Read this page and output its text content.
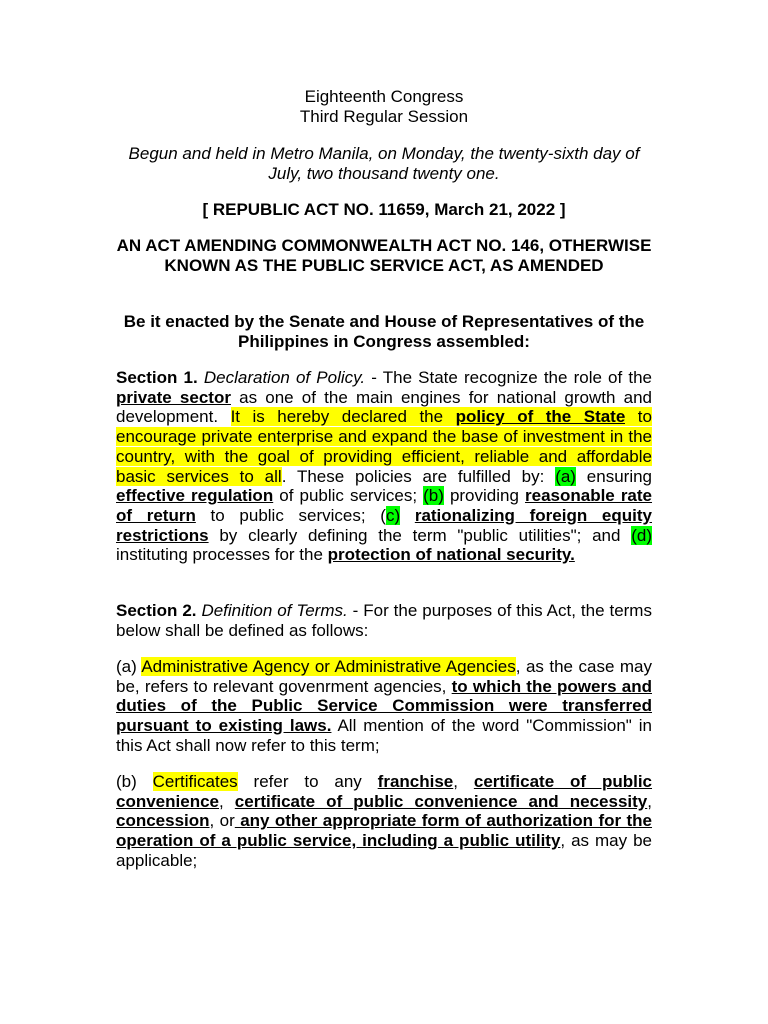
Eighteenth Congress
Third Regular Session
Begun and held in Metro Manila, on Monday, the twenty-sixth day of July, two thousand twenty one.
[ REPUBLIC ACT NO. 11659, March 21, 2022 ]
AN ACT AMENDING COMMONWEALTH ACT NO. 146, OTHERWISE KNOWN AS THE PUBLIC SERVICE ACT, AS AMENDED
Be it enacted by the Senate and House of Representatives of the Philippines in Congress assembled:
Section 1. Declaration of Policy. - The State recognize the role of the private sector as one of the main engines for national growth and development. It is hereby declared the policy of the State to encourage private enterprise and expand the base of investment in the country, with the goal of providing efficient, reliable and affordable basic services to all. These policies are fulfilled by: (a) ensuring effective regulation of public services; (b) providing reasonable rate of return to public services; (c) rationalizing foreign equity restrictions by clearly defining the term "public utilities"; and (d) instituting processes for the protection of national security.
Section 2. Definition of Terms. - For the purposes of this Act, the terms below shall be defined as follows:
(a) Administrative Agency or Administrative Agencies, as the case may be, refers to relevant govenrment agencies, to which the powers and duties of the Public Service Commission were transferred pursuant to existing laws. All mention of the word "Commission" in this Act shall now refer to this term;
(b) Certificates refer to any franchise, certificate of public convenience, certificate of public convenience and necessity, concession, or any other appropriate form of authorization for the operation of a public service, including a public utility, as may be applicable;
